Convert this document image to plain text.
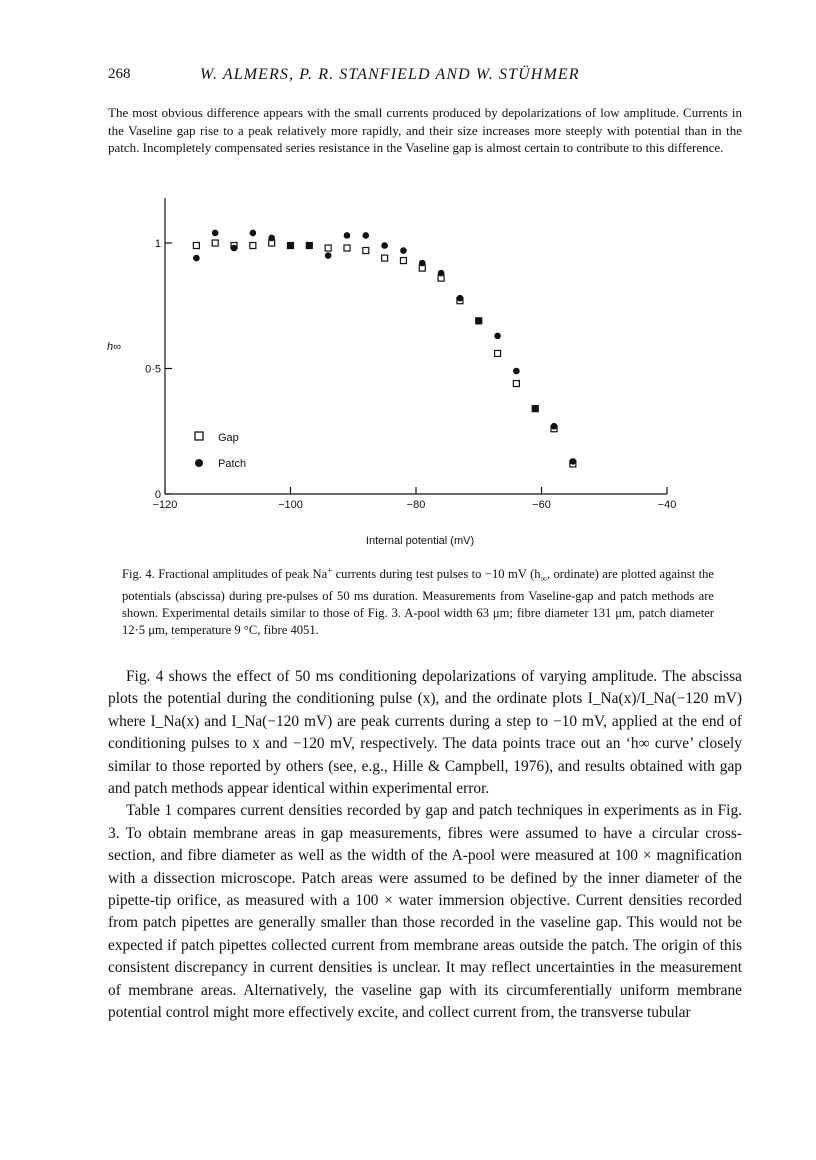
268	W. ALMERS, P. R. STANFIELD AND W. STÜHMER
The most obvious difference appears with the small currents produced by depolarizations of low amplitude. Currents in the Vaseline gap rise to a peak relatively more rapidly, and their size increases more steeply with potential than in the patch. Incompletely compensated series resistance in the Vaseline gap is almost certain to contribute to this difference.
0
0·5
1
−120	−100	−80	−60	−40
h∞
Internal potential (mV)
Gap
Patch
Fig. 4. Fractional amplitudes of peak Na+ currents during test pulses to −10 mV ($h_\infty$, ordinate) are plotted against the potentials (abscissa) during pre-pulses of 50 ms duration. Measurements from Vaseline-gap and patch methods are shown. Experimental details similar to those of Fig. 3. A-pool width 63 μm; fibre diameter 131 μm, patch diameter 12·5 μm, temperature 9 °C, fibre 4051.

Fig. 4 shows the effect of 50 ms conditioning depolarizations of varying amplitude. The abscissa plots the potential during the conditioning pulse (x), and the ordinate plots I_Na(x)/I_Na(−120 mV) where I_Na(x) and I_Na(−120 mV) are peak currents during a step to −10 mV, applied at the end of conditioning pulses to x and −120 mV, respectively. The data points trace out an ‘h∞ curve’ closely similar to those reported by others (see, e.g., Hille & Campbell, 1976), and results obtained with gap and patch methods appear identical within experimental error.

Table 1 compares current densities recorded by gap and patch techniques in experiments as in Fig. 3. To obtain membrane areas in gap measurements, fibres were assumed to have a circular cross-section, and fibre diameter as well as the width of the A-pool were measured at 100 × magnification with a dissection microscope. Patch areas were assumed to be defined by the inner diameter of the pipette-tip orifice, as measured with a 100 × water immersion objective. Current densities recorded from patch pipettes are generally smaller than those recorded in the vaseline gap. This would not be expected if patch pipettes collected current from membrane areas outside the patch. The origin of this consistent discrepancy in current densities is unclear. It may reflect uncertainties in the measurement of membrane areas. Alternatively, the vaseline gap with its circumferentially uniform membrane potential control might more effectively excite, and collect current from, the transverse tubular
